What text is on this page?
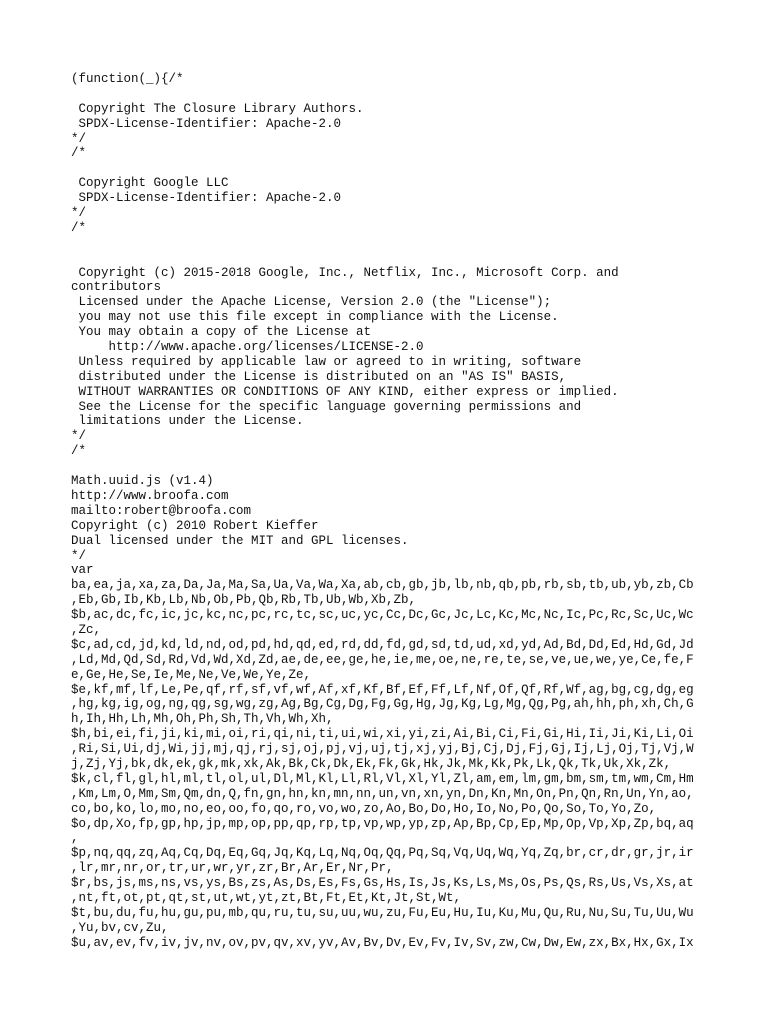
(function(_){/*
Copyright The Closure Library Authors.
SPDX-License-Identifier: Apache-2.0
*/
/*
Copyright Google LLC
SPDX-License-Identifier: Apache-2.0
*/
/*
Copyright (c) 2015-2018 Google, Inc., Netflix, Inc., Microsoft Corp. and
contributors
Licensed under the Apache License, Version 2.0 (the "License");
you may not use this file except in compliance with the License.
You may obtain a copy of the License at
http://www.apache.org/licenses/LICENSE-2.0
Unless required by applicable law or agreed to in writing, software
distributed under the License is distributed on an "AS IS" BASIS,
WITHOUT WARRANTIES OR CONDITIONS OF ANY KIND, either express or implied.
See the License for the specific language governing permissions and
limitations under the License.
*/
/*
Math.uuid.js (v1.4)
http://www.broofa.com
mailto:robert@broofa.com
Copyright (c) 2010 Robert Kieffer
Dual licensed under the MIT and GPL licenses.
*/
var
ba,ea,ja,xa,za,Da,Ja,Ma,Sa,Ua,Va,Wa,Xa,ab,cb,gb,jb,lb,nb,qb,pb,rb,sb,tb,ub,yb,zb,Cb
,Eb,Gb,Ib,Kb,Lb,Nb,Ob,Pb,Qb,Rb,Tb,Ub,Wb,Xb,Zb,
$b,ac,dc,fc,ic,jc,kc,nc,pc,rc,tc,sc,uc,yc,Cc,Dc,Gc,Jc,Lc,Kc,Mc,Nc,Ic,Pc,Rc,Sc,Uc,Wc
,Zc,
$c,ad,cd,jd,kd,ld,nd,od,pd,hd,qd,ed,rd,dd,fd,gd,sd,td,ud,xd,yd,Ad,Bd,Dd,Ed,Hd,Gd,Jd
,Ld,Md,Qd,Sd,Rd,Vd,Wd,Xd,Zd,ae,de,ee,ge,he,ie,me,oe,ne,re,te,se,ve,ue,we,ye,Ce,fe,F
e,Ge,He,Se,Ie,Me,Ne,Ve,We,Ye,Ze,
$e,kf,mf,lf,Le,Pe,qf,rf,sf,vf,wf,Af,xf,Kf,Bf,Ef,Ff,Lf,Nf,Of,Qf,Rf,Wf,ag,bg,cg,dg,eg
,hg,kg,ig,og,ng,qg,sg,wg,zg,Ag,Bg,Cg,Dg,Fg,Gg,Hg,Jg,Kg,Lg,Mg,Qg,Pg,ah,hh,ph,xh,Ch,G
h,Ih,Hh,Lh,Mh,Oh,Ph,Sh,Th,Vh,Wh,Xh,
$h,bi,ei,fi,ji,ki,mi,oi,ri,qi,ni,ti,ui,wi,xi,yi,zi,Ai,Bi,Ci,Fi,Gi,Hi,Ii,Ji,Ki,Li,Oi
,Ri,Si,Ui,dj,Wi,jj,mj,qj,rj,sj,oj,pj,vj,uj,tj,xj,yj,Bj,Cj,Dj,Fj,Gj,Ij,Lj,Oj,Tj,Vj,W
j,Zj,Yj,bk,dk,ek,gk,mk,xk,Ak,Bk,Ck,Dk,Ek,Fk,Gk,Hk,Jk,Mk,Kk,Pk,Lk,Qk,Tk,Uk,Xk,Zk,
$k,cl,fl,gl,hl,ml,tl,ol,ul,Dl,Ml,Kl,Ll,Rl,Vl,Xl,Yl,Zl,am,em,lm,gm,bm,sm,tm,wm,Cm,Hm
,Km,Lm,O,Mm,Sm,Qm,dn,Q,fn,gn,hn,kn,mn,nn,un,vn,xn,yn,Dn,Kn,Mn,On,Pn,Qn,Rn,Un,Yn,ao,
co,bo,ko,lo,mo,no,eo,oo,fo,qo,ro,vo,wo,zo,Ao,Bo,Do,Ho,Io,No,Po,Qo,So,To,Yo,Zo,
$o,dp,Xo,fp,gp,hp,jp,mp,op,pp,qp,rp,tp,vp,wp,yp,zp,Ap,Bp,Cp,Ep,Mp,Op,Vp,Xp,Zp,bq,aq
,
$p,nq,qq,zq,Aq,Cq,Dq,Eq,Gq,Jq,Kq,Lq,Nq,Oq,Qq,Pq,Sq,Vq,Uq,Wq,Yq,Zq,br,cr,dr,gr,jr,ir
,lr,mr,nr,or,tr,ur,wr,yr,zr,Br,Ar,Er,Nr,Pr,
$r,bs,js,ms,ns,vs,ys,Bs,zs,As,Ds,Es,Fs,Gs,Hs,Is,Js,Ks,Ls,Ms,Os,Ps,Qs,Rs,Us,Vs,Xs,at
,nt,ft,ot,pt,qt,st,ut,wt,yt,zt,Bt,Ft,Et,Kt,Jt,St,Wt,
$t,bu,du,fu,hu,gu,pu,mb,qu,ru,tu,su,uu,wu,zu,Fu,Eu,Hu,Iu,Ku,Mu,Qu,Ru,Nu,Su,Tu,Uu,Wu
,Yu,bv,cv,Zu,
$u,av,ev,fv,iv,jv,nv,ov,pv,qv,xv,yv,Av,Bv,Dv,Ev,Fv,Iv,Sv,zw,Cw,Dw,Ew,zx,Bx,Hx,Gx,Ix
